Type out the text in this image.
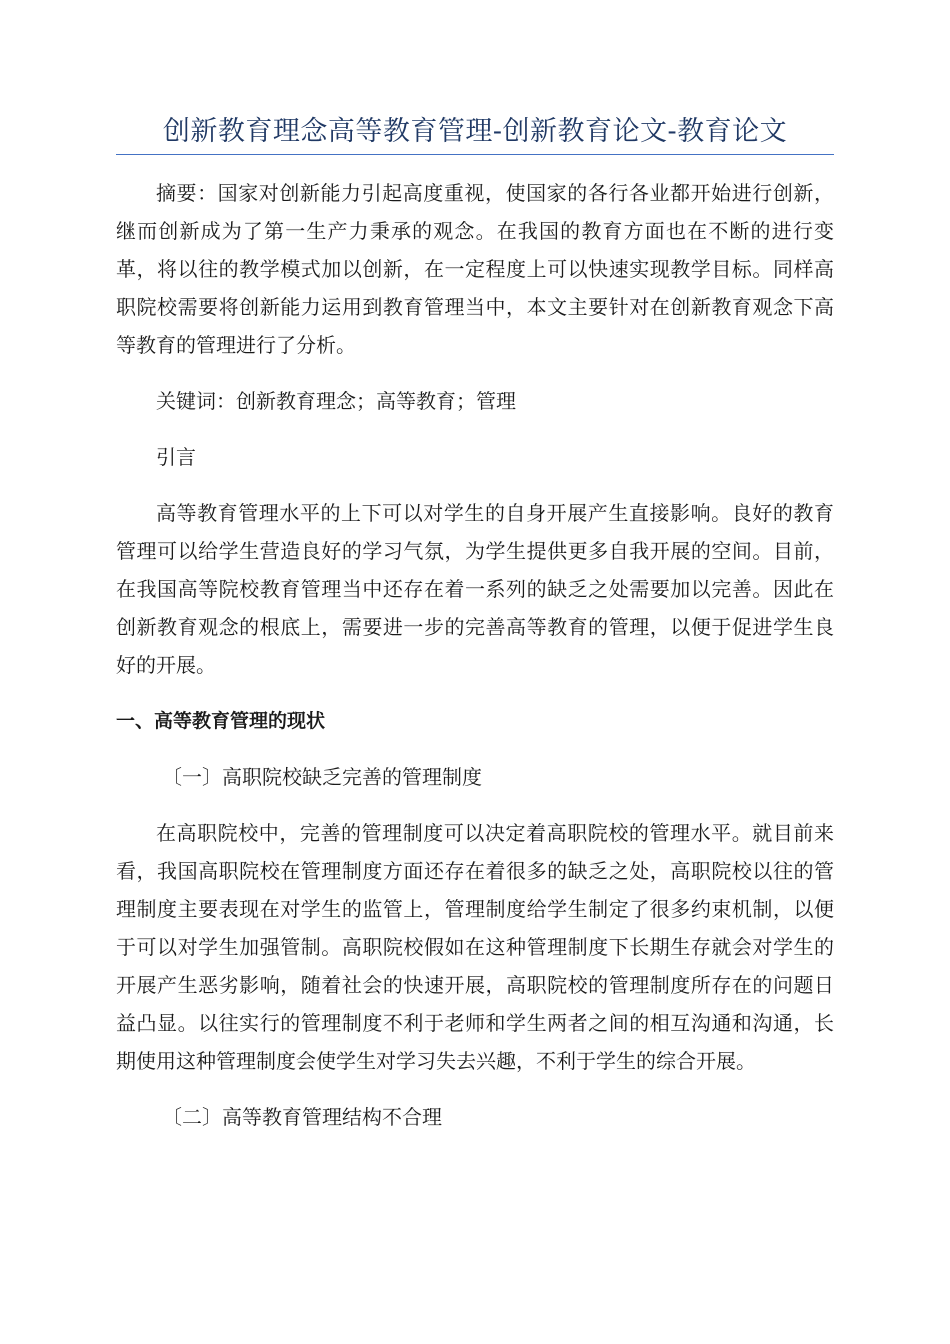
创新教育理念高等教育管理-创新教育论文-教育论文

摘要：国家对创新能力引起高度重视，使国家的各行各业都开始进行创新，继而创新成为了第一生产力秉承的观念。在我国的教育方面也在不断的进行变革，将以往的教学模式加以创新，在一定程度上可以快速实现教学目标。同样高职院校需要将创新能力运用到教育管理当中，本文主要针对在创新教育观念下高等教育的管理进行了分析。

关键词：创新教育理念；高等教育；管理

引言

高等教育管理水平的上下可以对学生的自身开展产生直接影响。良好的教育管理可以给学生营造良好的学习气氛，为学生提供更多自我开展的空间。目前，在我国高等院校教育管理当中还存在着一系列的缺乏之处需要加以完善。因此在创新教育观念的根底上，需要进一步的完善高等教育的管理，以便于促进学生良好的开展。

一、高等教育管理的现状
〔一〕高职院校缺乏完善的管理制度

在高职院校中，完善的管理制度可以决定着高职院校的管理水平。就目前来看，我国高职院校在管理制度方面还存在着很多的缺乏之处，高职院校以往的管理制度主要表现在对学生的监管上，管理制度给学生制定了很多约束机制，以便于可以对学生加强管制。高职院校假如在这种管理制度下长期生存就会对学生的开展产生恶劣影响，随着社会的快速开展，高职院校的管理制度所存在的问题日益凸显。以往实行的管理制度不利于老师和学生两者之间的相互沟通和沟通，长期使用这种管理制度会使学生对学习失去兴趣，不利于学生的综合开展。

〔二〕高等教育管理结构不合理
